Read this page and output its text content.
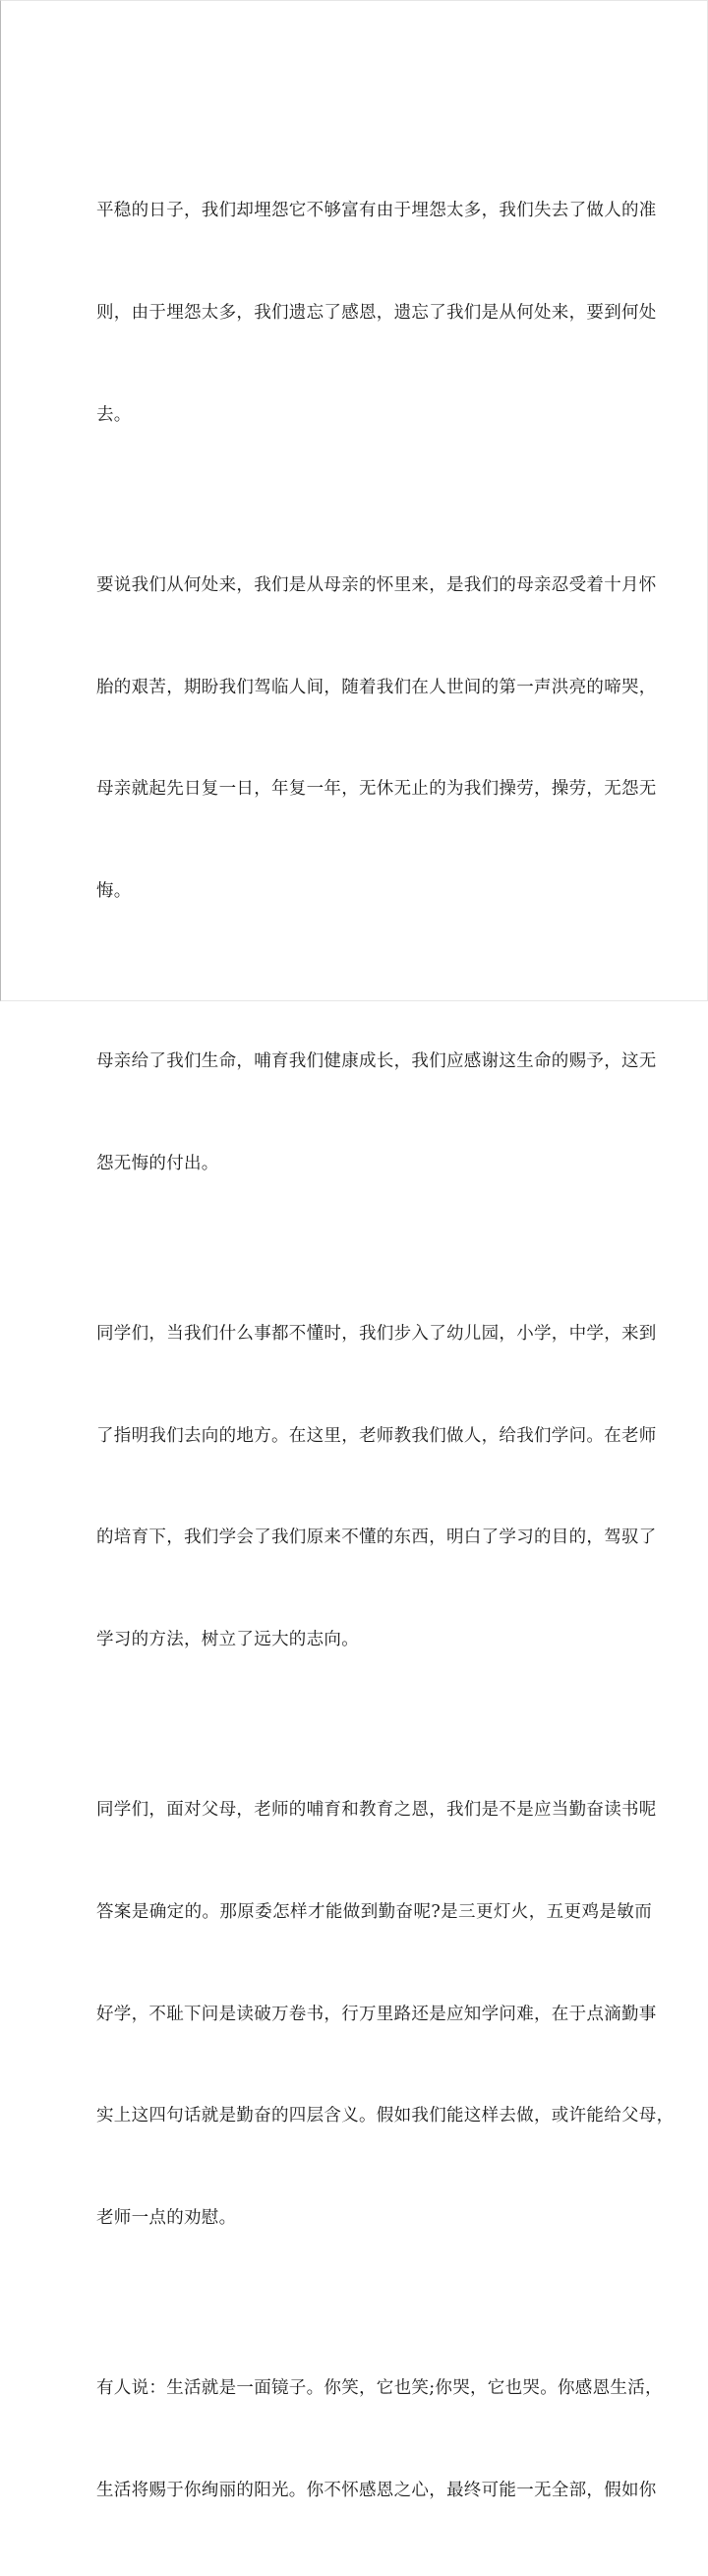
平稳的日子，我们却埋怨它不够富有由于埋怨太多，我们失去了做人的准

则，由于埋怨太多，我们遗忘了感恩，遗忘了我们是从何处来，要到何处

去。

要说我们从何处来，我们是从母亲的怀里来，是我们的母亲忍受着十月怀

胎的艰苦，期盼我们驾临人间，随着我们在人世间的第一声洪亮的啼哭，

母亲就起先日复一日，年复一年，无休无止的为我们操劳，操劳，无怨无

悔。

母亲给了我们生命，哺育我们健康成长，我们应感谢这生命的赐予，这无

怨无悔的付出。

同学们，当我们什么事都不懂时，我们步入了幼儿园，小学，中学，来到

了指明我们去向的地方。在这里，老师教我们做人，给我们学问。在老师

的培育下，我们学会了我们原来不懂的东西，明白了学习的目的，驾驭了

学习的方法，树立了远大的志向。

同学们，面对父母，老师的哺育和教育之恩，我们是不是应当勤奋读书呢

答案是确定的。那原委怎样才能做到勤奋呢?是三更灯火，五更鸡是敏而

好学，不耻下问是读破万卷书，行万里路还是应知学问难，在于点滴勤事

实上这四句话就是勤奋的四层含义。假如我们能这样去做，或许能给父母，

老师一点的劝慰。

有人说：生活就是一面镜子。你笑，它也笑;你哭，它也哭。你感恩生活，

生活将赐于你绚丽的阳光。你不怀感恩之心，最终可能一无全部，假如你
